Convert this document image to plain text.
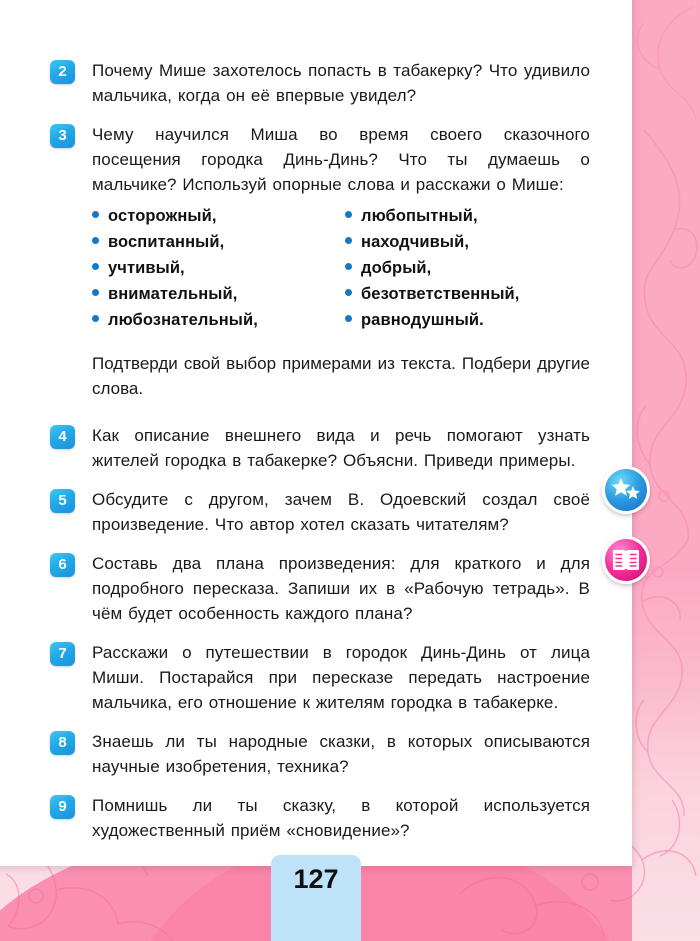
2	Почему Мише захотелось попасть в табакерку? Что удивило мальчика, когда он её впервые увидел?
3	Чему научился Миша во время своего сказочного посещения городка Динь-Динь? Что ты думаешь о мальчике? Используй опорные слова и расскажи о Мише:
осторожный,
воспитанный,
учтивый,
внимательный,
любознательный,
любопытный,
находчивый,
добрый,
безответственный,
равнодушный.
Подтверди свой выбор примерами из текста. Подбери другие слова.
4	Как описание внешнего вида и речь помогают узнать жителей городка в табакерке? Объясни. Приведи примеры.
5	Обсудите с другом, зачем В. Одоевский создал своё произведение. Что автор хотел сказать читателям?
6	Составь два плана произведения: для краткого и для подробного пересказа. Запиши их в «Рабочую тетрадь». В чём будет особенность каждого плана?
7	Расскажи о путешествии в городок Динь-Динь от лица Миши. Постарайся при пересказе передать настроение мальчика, его отношение к жителям городка в табакерке.
8	Знаешь ли ты народные сказки, в которых описываются научные изобретения, техника?
9	Помнишь ли ты сказку, в которой используется художественный приём «сновидение»?
127
